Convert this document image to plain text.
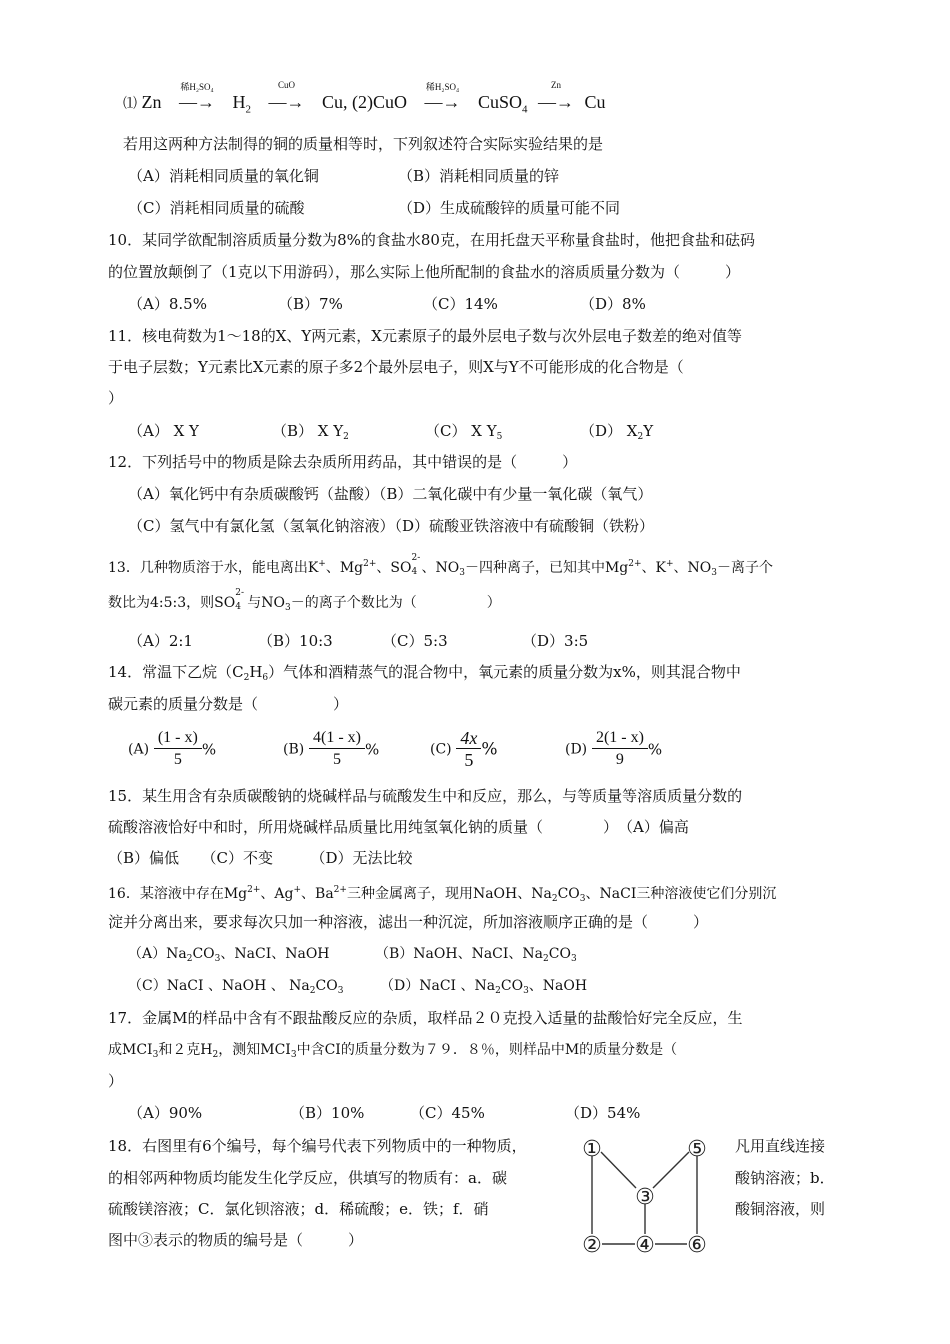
⑴ Zn
稀H₂SO₄
—→ $H_2$
CuO
—→ Cu, (2)CuO
稀H₂SO₄
—→ CuSO$_4$
Zn
—→ Cu
若用这两种方法制得的铜的质量相等时，下列叙述符合实际实验结果的是
（A）消耗相同质量的氧化铜	（B）消耗相同质量的锌
（C）消耗相同质量的硫酸	（D）生成硫酸锌的质量可能不同
10．某同学欲配制溶质质量分数为8%的食盐水80克，在用托盘天平称量食盐时，他把食盐和砝码
的位置放颠倒了（1克以下用游码），那么实际上他所配制的食盐水的溶质质量分数为（　　　）
（A）8.5%	（B）7%	（C）14%	（D）8%
11．核电荷数为1～18的X、Y两元素，X元素原子的最外层电子数与次外层电子数差的绝对值等
于电子层数；Y元素比X元素的原子多2个最外层电子，则X与Y不可能形成的化合物是（
）
（A） X Y	（B） X $Y_2$	（C） X $Y_5$	（D） $X_2Y$
12．下列括号中的物质是除去杂质所用药品，其中错误的是（　　　）
（A）氧化钙中有杂质碳酸钙（盐酸）（B）二氧化碳中有少量一氧化碳（氧气）
（C）氢气中有氯化氢（氢氧化钠溶液）（D）硫酸亚铁溶液中有硫酸铜（铁粉）
13．几种物质溶于水，能电离出K+、$Mg^{2+}$、SO
2-
4 、$NO_3-$四种离子，已知其中$Mg^{2+}$、K+、$NO_3-$离子个
数比为4:5:3，则SO
2-
4 与$NO_3-$的离子个数比为（　　　　　）
（A）2:1	（B）10:3	（C）5:3	（D）3:5
14．常温下乙烷$(C_2H_6)$气体和酒精蒸气的混合物中，氧元素的质量分数为x%，则其混合物中
碳元素的质量分数是（　　　　　）
$(A) \frac{(1 - x)}{5}$ %	$(B) \frac{4(1 - x)}{5}$ %	$(C) \frac{4x}{5}$ %	$(D) \frac{2(1 - x)}{9}$ %
15．某生用含有杂质碳酸钠的烧碱样品与硫酸发生中和反应，那么，与等质量等溶质质量分数的
硫酸溶液恰好中和时，所用烧碱样品质量比用纯氢氧化钠的质量（　　　　）　（A）偏高
（B）偏低　　（C）不变　　　（D）无法比较
16．某溶液中存在$Mg^{2+}$、Ag+、$Ba^{2+}$三种金属离子，现用NaOH、$Na_2CO_3$、NaCI三种溶液使它们分别沉
淀并分离出来，要求每次只加一种溶液，滤出一种沉淀，所加溶液顺序正确的是（　　　）
$(A)Na_2CO_3$、NaCI、NaOH	（B）NaOH、NaCI、$Na_2CO_3$
（C）NaCI 、NaOH 、 $Na_2CO_3$	（D）NaCI 、$Na_2CO_3$、NaOH
17．金属M的样品中含有不跟盐酸反应的杂质，取样品２０克投入适量的盐酸恰好完全反应，生
成$MCI_3$和２克$H_2$，测知$MCI_3$中含CI的质量分数为７９．８％，则样品中M的质量分数是（
）
（A）90%	（B）10%	（C）45%	（D）54%
18．右图里有6个编号，每个编号代表下列物质中的一种物质，	凡用直线连接
的相邻两种物质均能发生化学反应，供填写的物质有：a．碳	酸钠溶液；b．
硫酸镁溶液；C．氯化钡溶液；d．稀硫酸；e．铁；f．硝	酸铜溶液，则
图中③表示的物质的编号是（　　　）
①
②
③
④
⑤
⑥
